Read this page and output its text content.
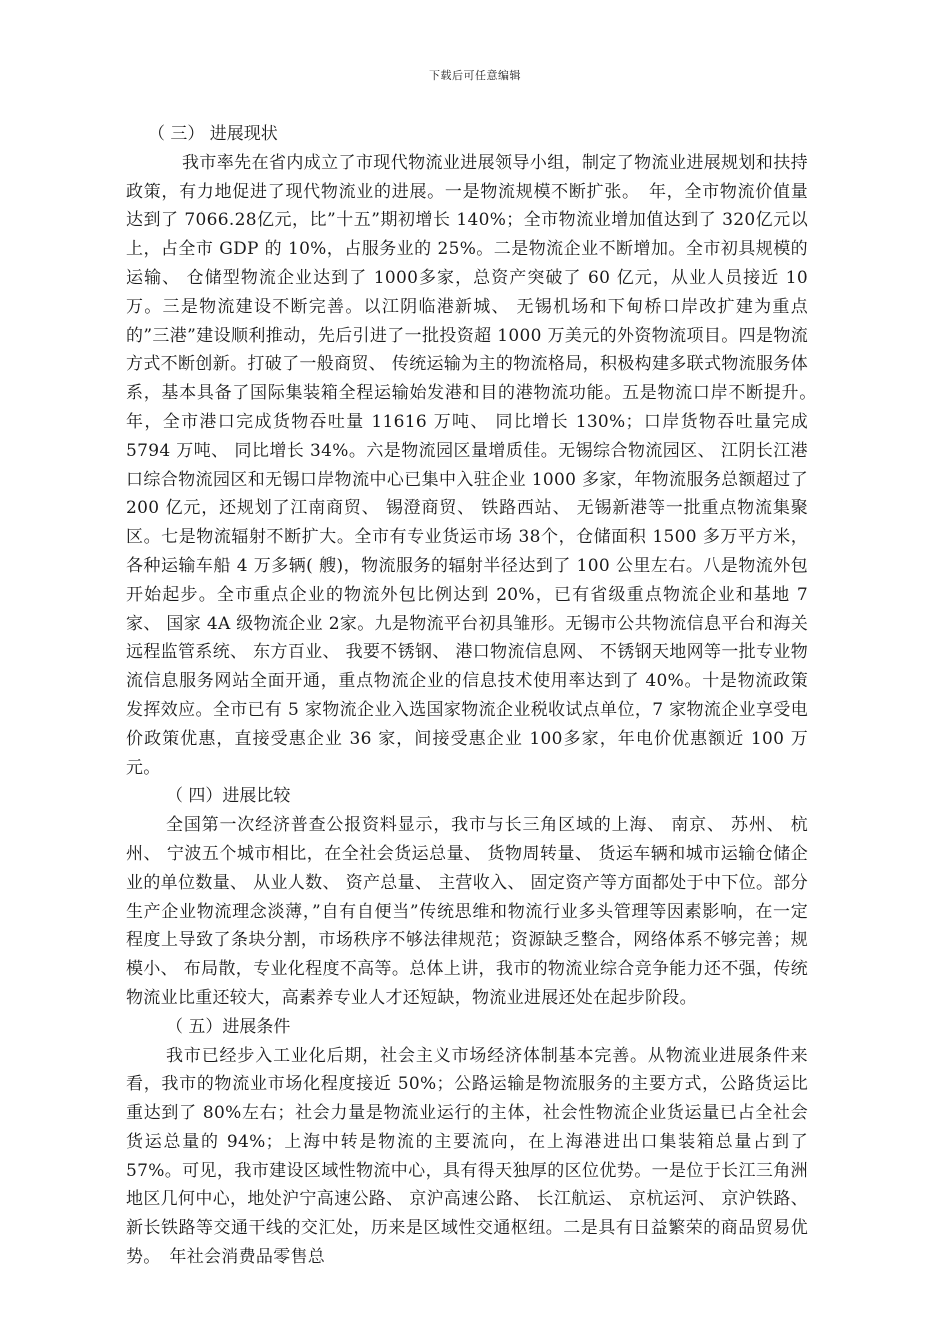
下载后可任意编辑

（ 三） 进展现状

我市率先在省内成立了市现代物流业进展领导小组，制定了物流业进展规划和扶持政策，有力地促进了现代物流业的进展。一是物流规模不断扩张。　年，全市物流价值量达到了 7066.28亿元，比”十五”期初增长 140%；全市物流业增加值达到了 320亿元以上，占全市 GDP 的 10%，占服务业的 25%。二是物流企业不断增加。全市初具规模的运输、 仓储型物流企业达到了 1000多家，总资产突破了 60 亿元，从业人员接近 10 万。三是物流建设不断完善。以江阴临港新城、 无锡机场和下甸桥口岸改扩建为重点的”三港”建设顺利推动，先后引进了一批投资超 1000 万美元的外资物流项目。四是物流方式不断创新。打破了一般商贸、 传统运输为主的物流格局，积极构建多联式物流服务体系，基本具备了国际集装箱全程运输始发港和目的港物流功能。五是物流口岸不断提升。　年，全市港口完成货物吞吐量 11616 万吨、 同比增长 130%；口岸货物吞吐量完成5794 万吨、 同比增长 34%。六是物流园区量增质佳。无锡综合物流园区、 江阴长江港口综合物流园区和无锡口岸物流中心已集中入驻企业 1000 多家，年物流服务总额超过了 200 亿元，还规划了江南商贸、 锡澄商贸、 铁路西站、 无锡新港等一批重点物流集聚区。七是物流辐射不断扩大。全市有专业货运市场 38个，仓储面积 1500 多万平方米，各种运输车船 4 万多辆( 艘)，物流服务的辐射半径达到了 100 公里左右。八是物流外包开始起步。全市重点企业的物流外包比例达到 20%，已有省级重点物流企业和基地 7 家、 国家 4A 级物流企业 2家。九是物流平台初具雏形。无锡市公共物流信息平台和海关远程监管系统、 东方百业、 我要不锈钢、 港口物流信息网、 不锈钢天地网等一批专业物流信息服务网站全面开通，重点物流企业的信息技术使用率达到了 40%。十是物流政策发挥效应。全市已有 5 家物流企业入选国家物流企业税收试点单位，7 家物流企业享受电价政策优惠，直接受惠企业 36 家，间接受惠企业 100多家，年电价优惠额近 100 万元。

（ 四）进展比较

全国第一次经济普查公报资料显示，我市与长三角区域的上海、 南京、 苏州、 杭州、 宁波五个城市相比，在全社会货运总量、 货物周转量、 货运车辆和城市运输仓储企业的单位数量、 从业人数、 资产总量、 主营收入、 固定资产等方面都处于中下位。部分生产企业物流理念淡薄，”自有自便当”传统思维和物流行业多头管理等因素影响，在一定程度上导致了条块分割，市场秩序不够法律规范；资源缺乏整合，网络体系不够完善；规模小、 布局散，专业化程度不高等。总体上讲，我市的物流业综合竞争能力还不强，传统物流业比重还较大，高素养专业人才还短缺，物流业进展还处在起步阶段。

（ 五）进展条件

我市已经步入工业化后期，社会主义市场经济体制基本完善。从物流业进展条件来看，我市的物流业市场化程度接近 50%；公路运输是物流服务的主要方式，公路货运比重达到了 80%左右；社会力量是物流业运行的主体，社会性物流企业货运量已占全社会货运总量的 94%；上海中转是物流的主要流向，在上海港进出口集装箱总量占到了 57%。可见，我市建设区域性物流中心，具有得天独厚的区位优势。一是位于长江三角洲地区几何中心，地处沪宁高速公路、 京沪高速公路、 长江航运、 京杭运河、 京沪铁路、 新长铁路等交通干线的交汇处，历来是区域性交通枢纽。二是具有日益繁荣的商品贸易优势。　年社会消费品零售总
